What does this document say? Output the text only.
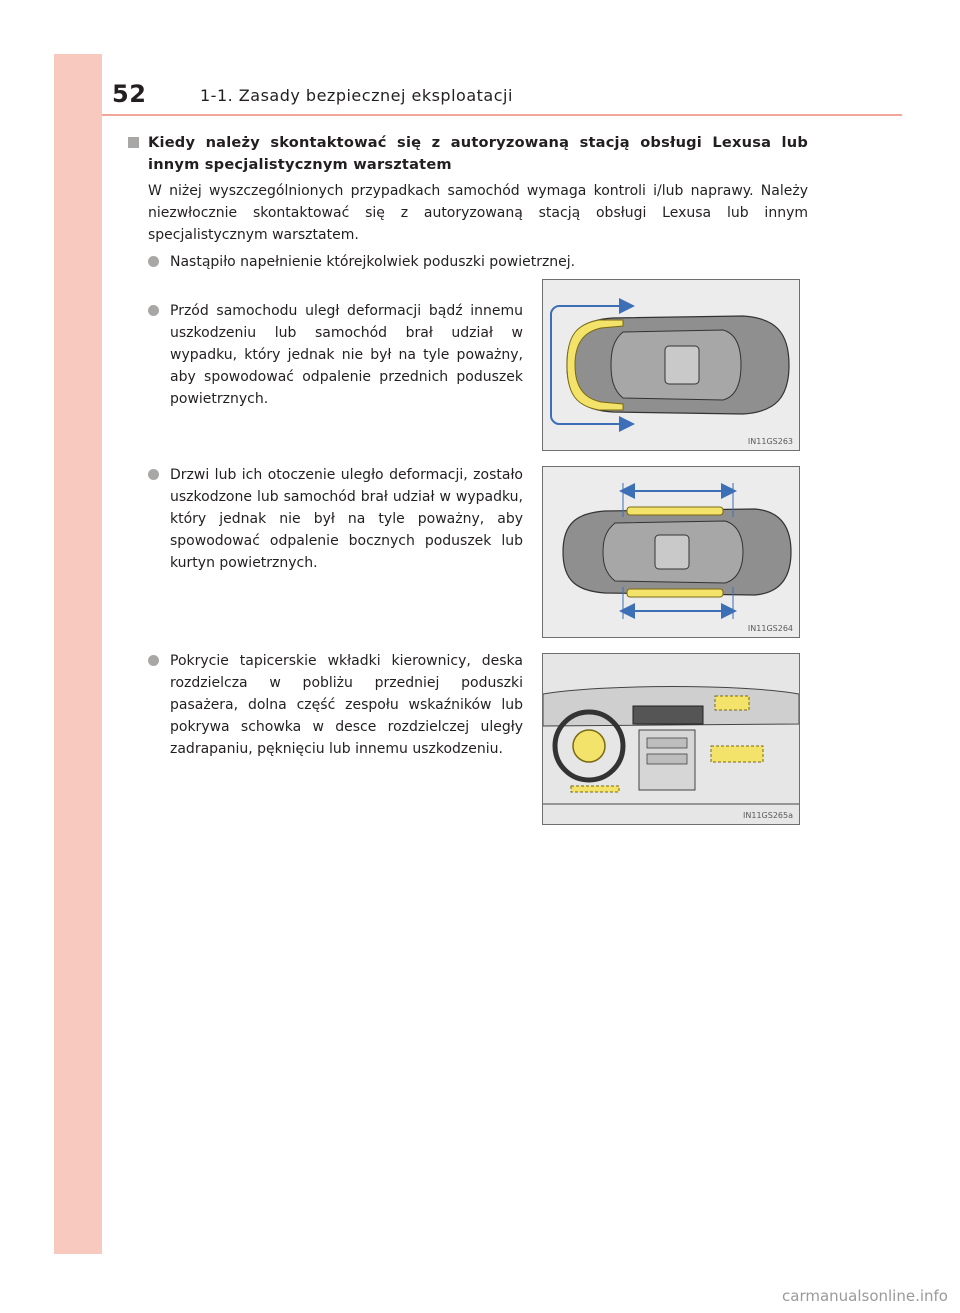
52	1-1. Zasady bezpiecznej eksploatacji
Kiedy należy skontaktować się z autoryzowaną stacją obsługi Lexusa lub innym specjalistycznym warsztatem
W niżej wyszczególnionych przypadkach samochód wymaga kontroli i/lub naprawy. Należy niezwłocznie skontaktować się z autoryzowaną stacją obsługi Lexusa lub innym specjalistycznym warsztatem.
Nastąpiło napełnienie którejkolwiek poduszki powietrznej.
Przód samochodu uległ deformacji bądź innemu uszkodzeniu lub samochód brał udział w wypadku, który jednak nie był na tyle poważny, aby spowodować odpalenie przednich poduszek powietrznych.
Drzwi lub ich otoczenie uległo deformacji, zostało uszkodzone lub samochód brał udział w wypadku, który jednak nie był na tyle poważny, aby spowodować odpalenie bocznych poduszek lub kurtyn powietrznych.
Pokrycie tapicerskie wkładki kierownicy, deska rozdzielcza w pobliżu przedniej poduszki pasażera, dolna część zespołu wskaźników lub pokrywa schowka w desce rozdzielczej uległy zadrapaniu, pęknięciu lub innemu uszkodzeniu.
IN11GS263
IN11GS264
IN11GS265a
carmanualsonline.info
